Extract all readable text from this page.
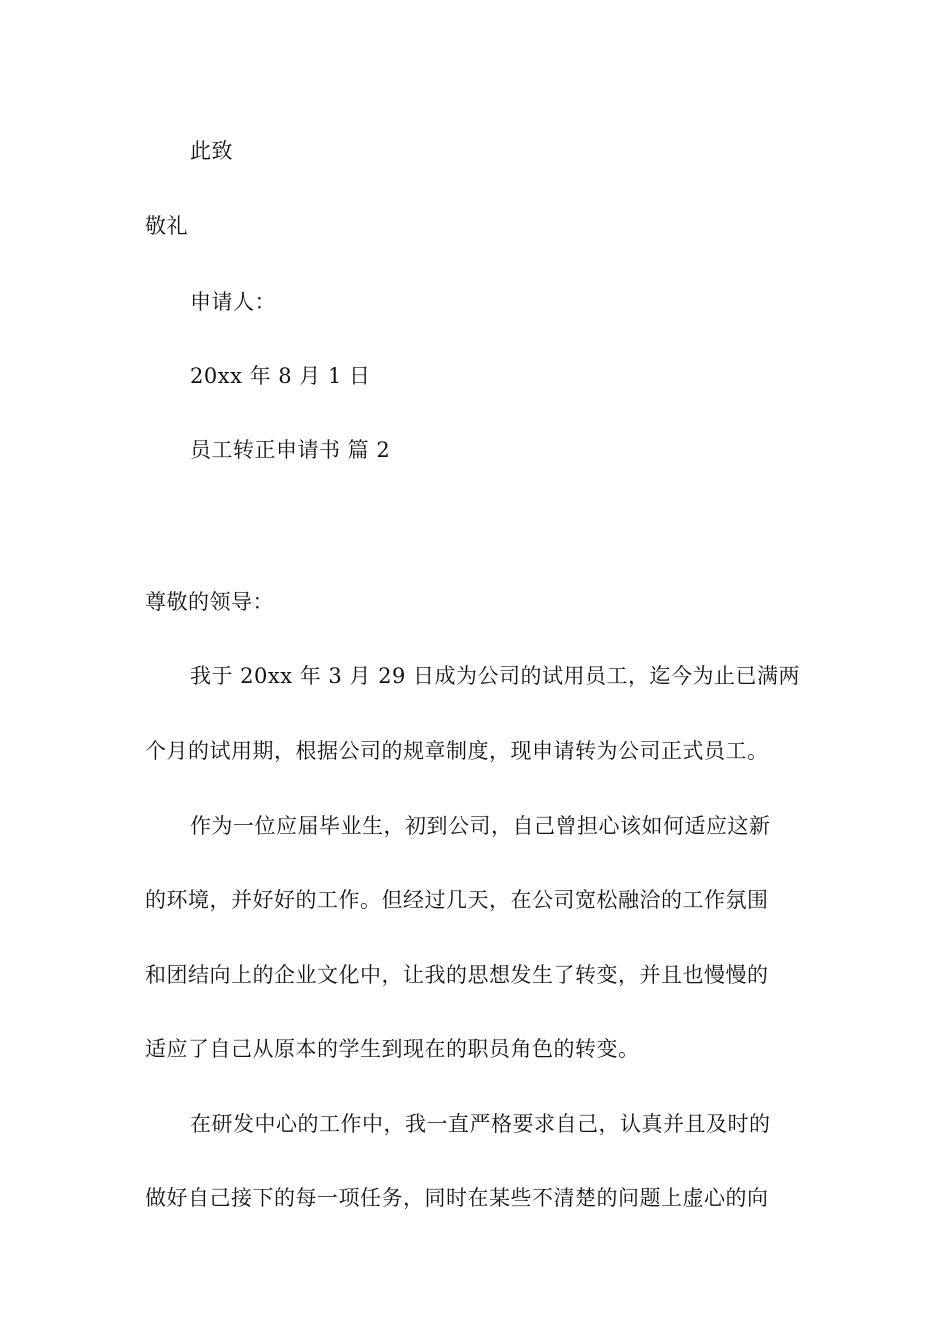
此致
敬礼
申请人：
20xx 年 8 月 1 日
员工转正申请书 篇 2
尊敬的领导：
我于 20xx 年 3 月 29 日成为公司的试用员工，迄今为止已满两
个月的试用期，根据公司的规章制度，现申请转为公司正式员工。
作为一位应届毕业生，初到公司，自己曾担心该如何适应这新
的环境，并好好的工作。但经过几天，在公司宽松融洽的工作氛围
和团结向上的企业文化中，让我的思想发生了转变，并且也慢慢的
适应了自己从原本的学生到现在的职员角色的转变。
在研发中心的工作中，我一直严格要求自己，认真并且及时的
做好自己接下的每一项任务，同时在某些不清楚的问题上虚心的向
